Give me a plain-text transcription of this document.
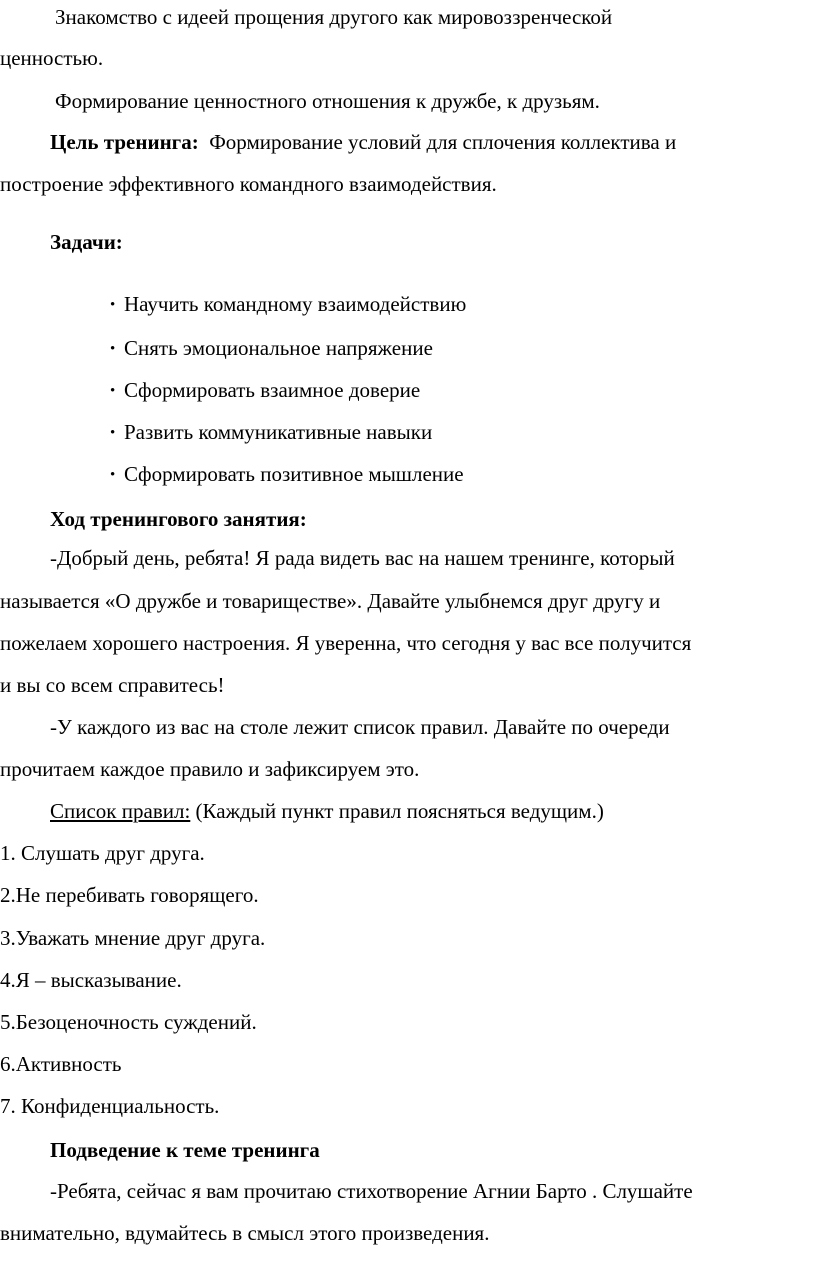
Знакомство с идеей прощения другого как мировоззренческой
ценностью.
Формирование ценностного отношения к дружбе, к друзьям.
Цель тренинга: Формирование условий для сплочения коллектива и
построение эффективного командного взаимодействия.
Задачи:
• Научить командному взаимодействию
• Снять эмоциональное напряжение
• Сформировать взаимное доверие
• Развить коммуникативные навыки
• Сформировать позитивное мышление
Ход тренингового занятия:
-Добрый день, ребята! Я рада видеть вас на нашем тренинге, который
называется «О дружбе и товариществе». Давайте улыбнемся друг другу и
пожелаем хорошего настроения. Я уверенна, что сегодня у вас все получится
и вы со всем справитесь!
-У каждого из вас на столе лежит список правил. Давайте по очереди
прочитаем каждое правило и зафиксируем это.
Список правил: (Каждый пункт правил поясняться ведущим.)
1. Слушать друг друга.
2.Не перебивать говорящего.
3.Уважать мнение друг друга.
4.Я – высказывание.
5.Безоценочность суждений.
6.Активность
7. Конфиденциальность.
Подведение к теме тренинга
-Ребята, сейчас я вам прочитаю стихотворение Агнии Барто . Слушайте
внимательно, вдумайтесь в смысл этого произведения.
